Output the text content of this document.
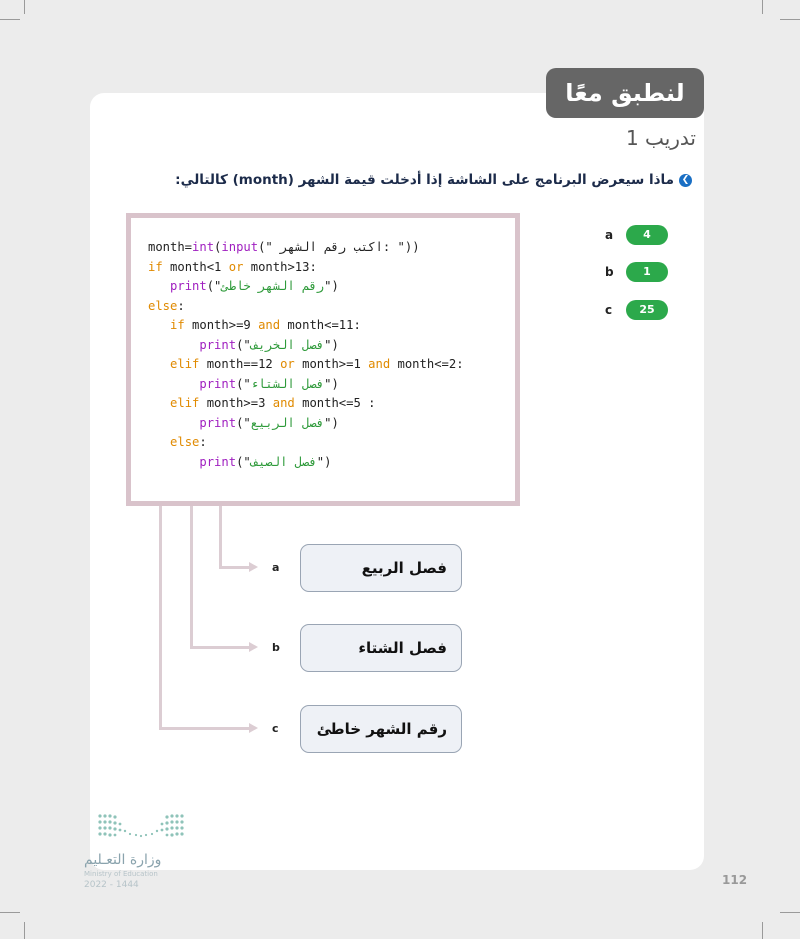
لنطبق معًا
تدريب 1
❯ماذا سيعرض البرنامج على الشاشة إذا أدخلت قيمة الشهر (month) كالتالي:
month=int(input(" اكتب رقم الشهر: "))
if month<1 or month>13:
print("رقم الشهر خاطئ")
else:
if month>=9 and month<=11:
print("فصل الخريف")
elif month==12 or month>=1 and month<=2:
print("فصل الشتاء")
elif month>=3 and month<=5 :
print("فصل الربيع")
else:
print("فصل الصيف")
a	4
b	1
c	25
a	فصل الربيع
b	فصل الشتاء
c	رقم الشهر خاطئ
وزارة التعـليم
Ministry of Education
2022 - 1444	112
